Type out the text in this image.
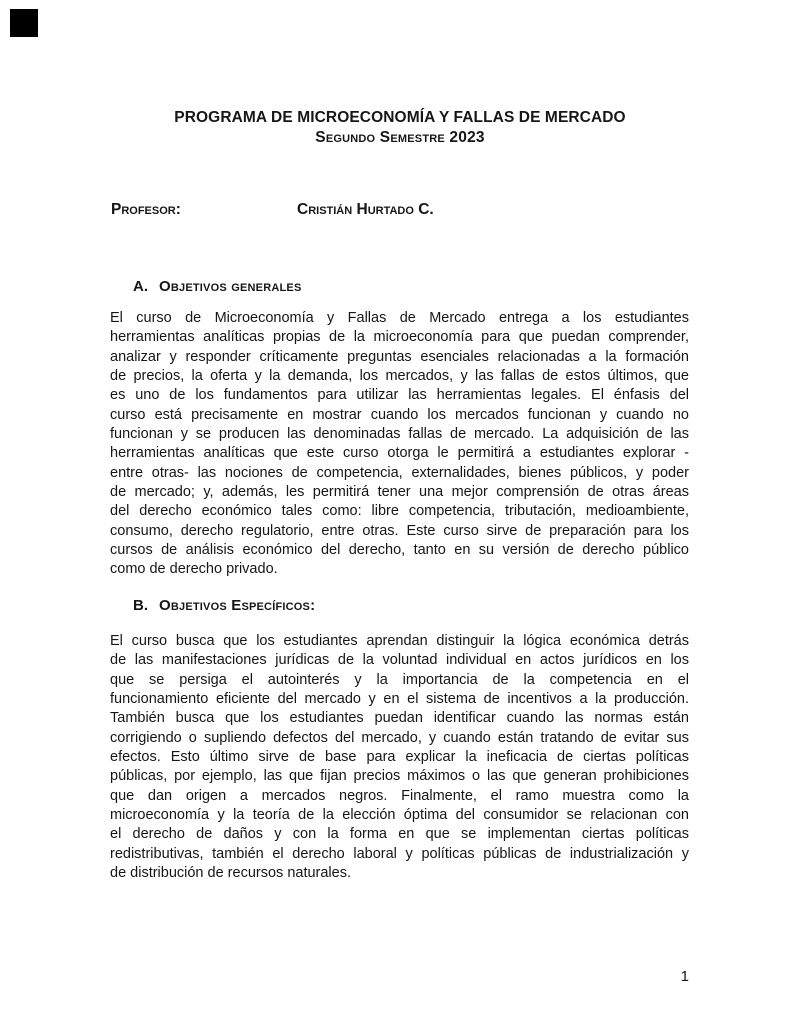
PROGRAMA DE MICROECONOMÍA Y FALLAS DE MERCADO
Segundo Semestre 2023
Profesor:	Cristián Hurtado C.
A. Objetivos generales
El curso de Microeconomía y Fallas de Mercado entrega a los estudiantes
herramientas analíticas propias de la microeconomía para que puedan comprender,
analizar y responder críticamente preguntas esenciales relacionadas a la formación
de precios, la oferta y la demanda, los mercados, y las fallas de estos últimos, que
es uno de los fundamentos para utilizar las herramientas legales. El énfasis del
curso está precisamente en mostrar cuando los mercados funcionan y cuando no
funcionan y se producen las denominadas fallas de mercado. La adquisición de las
herramientas analíticas que este curso otorga le permitirá a estudiantes explorar -
entre otras- las nociones de competencia, externalidades, bienes públicos, y poder
de mercado; y, además, les permitirá tener una mejor comprensión de otras áreas
del derecho económico tales como: libre competencia, tributación, medioambiente,
consumo, derecho regulatorio, entre otras. Este curso sirve de preparación para los
cursos de análisis económico del derecho, tanto en su versión de derecho público
como de derecho privado.
B. Objetivos Específicos:
El curso busca que los estudiantes aprendan distinguir la lógica económica detrás
de las manifestaciones jurídicas de la voluntad individual en actos jurídicos en los
que se persiga el autointerés y la importancia de la competencia en el
funcionamiento eficiente del mercado y en el sistema de incentivos a la producción.
También busca que los estudiantes puedan identificar cuando las normas están
corrigiendo o supliendo defectos del mercado, y cuando están tratando de evitar sus
efectos. Esto último sirve de base para explicar la ineficacia de ciertas políticas
públicas, por ejemplo, las que fijan precios máximos o las que generan prohibiciones
que dan origen a mercados negros. Finalmente, el ramo muestra como la
microeconomía y la teoría de la elección óptima del consumidor se relacionan con
el derecho de daños y con la forma en que se implementan ciertas políticas
redistributivas, también el derecho laboral y políticas públicas de industrialización y
de distribución de recursos naturales.
1
